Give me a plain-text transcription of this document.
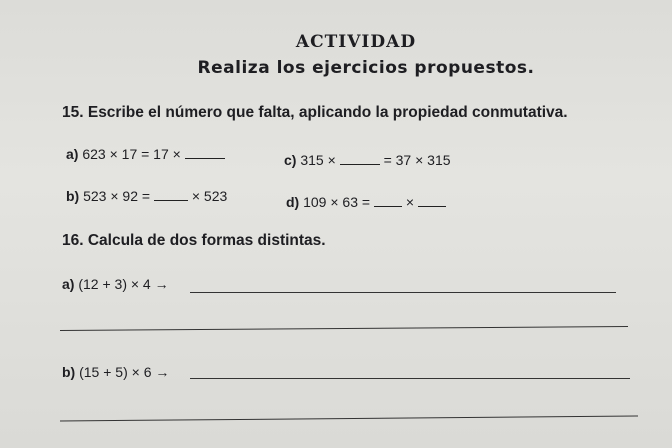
ACTIVIDAD
Realiza los ejercicios propuestos.
15. Escribe el número que falta, aplicando la propiedad conmutativa.
a) 623 × 17 = 17 ×	c) 315 ×	= 37 × 315
b) 523 × 92 =	× 523	d) 109 × 63 =	×
16. Calcula de dos formas distintas.
a) (12 + 3) × 4 →
b) (15 + 5) × 6 →
